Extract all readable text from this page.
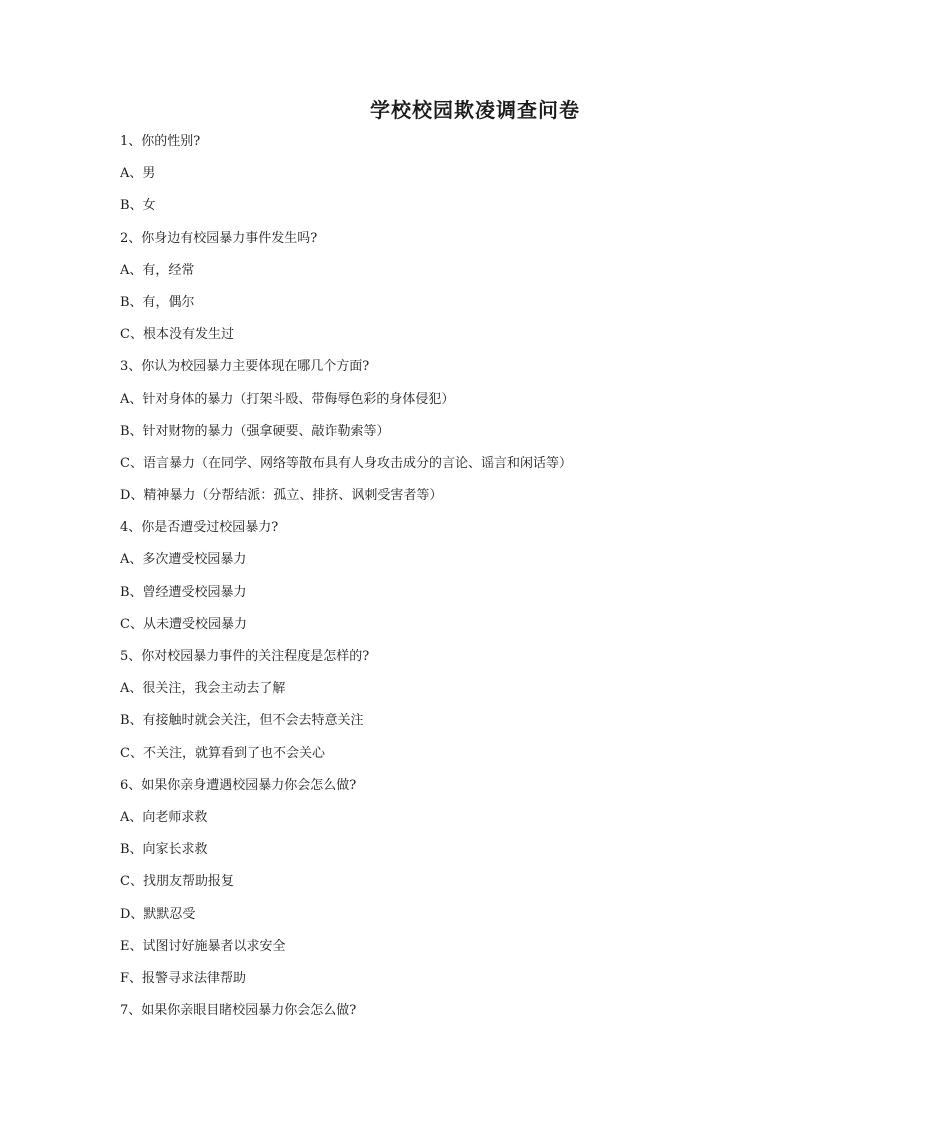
学校校园欺凌调查问卷
1、你的性别?
A、男
B、女
2、你身边有校园暴力事件发生吗?
A、有，经常
B、有，偶尔
C、根本没有发生过
3、你认为校园暴力主要体现在哪几个方面?
A、针对身体的暴力（打架斗殴、带侮辱色彩的身体侵犯）
B、针对财物的暴力（强拿硬要、敲诈勒索等）
C、语言暴力（在同学、网络等散布具有人身攻击成分的言论、谣言和闲话等）
D、精神暴力（分帮结派：孤立、排挤、讽刺受害者等）
4、你是否遭受过校园暴力?
A、多次遭受校园暴力
B、曾经遭受校园暴力
C、从未遭受校园暴力
5、你对校园暴力事件的关注程度是怎样的?
A、很关注，我会主动去了解
B、有接触时就会关注，但不会去特意关注
C、不关注，就算看到了也不会关心
6、如果你亲身遭遇校园暴力你会怎么做?
A、向老师求救
B、向家长求救
C、找朋友帮助报复
D、默默忍受
E、试图讨好施暴者以求安全
F、报警寻求法律帮助
7、如果你亲眼目睹校园暴力你会怎么做?
